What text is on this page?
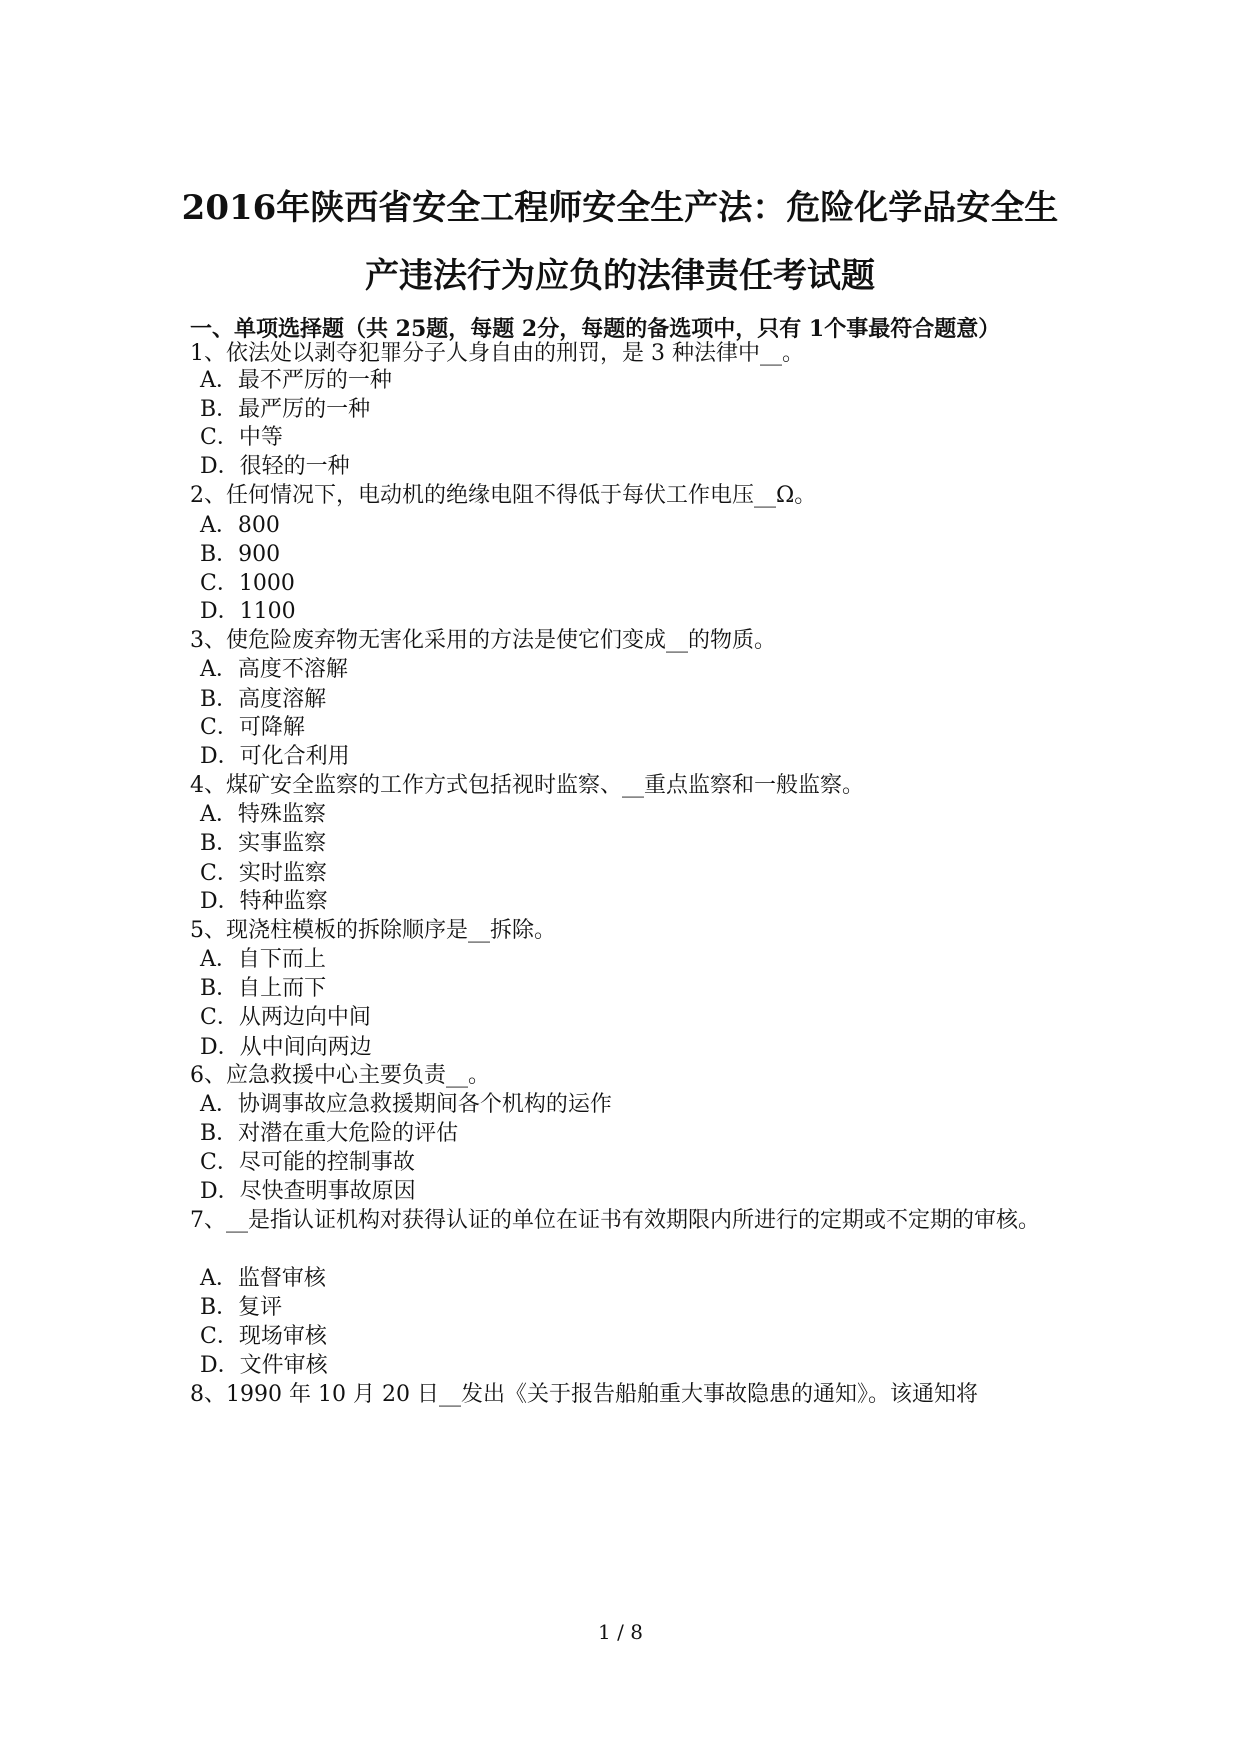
2016年陕西省安全工程师安全生产法：危险化学品安全生
产违法行为应负的法律责任考试题
一、单项选择题（共 25题，每题 2分，每题的备选项中，只有 1个事最符合题意）
1、依法处以剥夺犯罪分子人身自由的刑罚，是 3 种法律中__。
A．最不严厉的一种
B．最严厉的一种
C．中等
D．很轻的一种
2、任何情况下，电动机的绝缘电阻不得低于每伏工作电压__Ω。
A．800
B．900
C．1000
D．1100
3、使危险废弃物无害化采用的方法是使它们变成__的物质。
A．高度不溶解
B．高度溶解
C．可降解
D．可化合利用
4、煤矿安全监察的工作方式包括视时监察、__重点监察和一般监察。
A．特殊监察
B．实事监察
C．实时监察
D．特种监察
5、现浇柱模板的拆除顺序是__拆除。
A．自下而上
B．自上而下
C．从两边向中间
D．从中间向两边
6、应急救援中心主要负责__。
A．协调事故应急救援期间各个机构的运作
B．对潜在重大危险的评估
C．尽可能的控制事故
D．尽快查明事故原因
7、__是指认证机构对获得认证的单位在证书有效期限内所进行的定期或不定期的审核。
A．监督审核
B．复评
C．现场审核
D．文件审核
8、1990 年 10 月 20 日__发出《关于报告船舶重大事故隐患的通知》。该通知将
1 / 8
